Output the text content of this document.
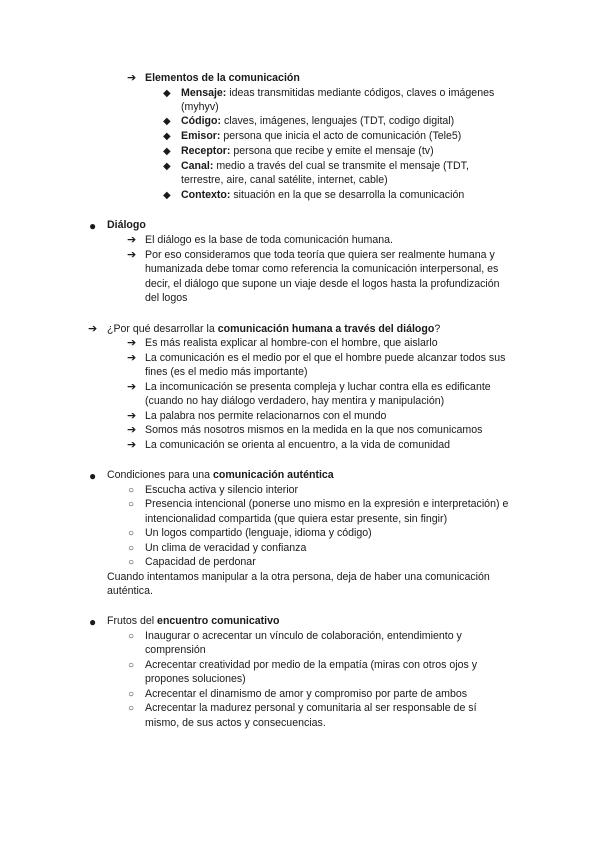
➔ Elementos de la comunicación
◆ Mensaje: ideas transmitidas mediante códigos, claves o imágenes
(myhyv)
◆ Código: claves, imágenes, lenguajes (TDT, codigo digital)
◆ Emisor: persona que inicia el acto de comunicación (Tele5)
◆ Receptor: persona que recibe y emite el mensaje (tv)
◆ Canal: medio a través del cual se transmite el mensaje (TDT,
terrestre, aire, canal satélite, internet, cable)
◆ Contexto: situación en la que se desarrolla la comunicación
● Diálogo
➔ El diálogo es la base de toda comunicación humana.
➔ Por eso consideramos que toda teoría que quiera ser realmente humana y
humanizada debe tomar como referencia la comunicación interpersonal, es
decir, el diálogo que supone un viaje desde el logos hasta la profundización
del logos
➔ ¿Por qué desarrollar la comunicación humana a través del diálogo?
➔ Es más realista explicar al hombre-con el hombre, que aislarlo
➔ La comunicación es el medio por el que el hombre puede alcanzar todos sus
fines (es el medio más importante)
➔ La incomunicación se presenta compleja y luchar contra ella es edificante
(cuando no hay diálogo verdadero, hay mentira y manipulación)
➔ La palabra nos permite relacionarnos con el mundo
➔ Somos más nosotros mismos en la medida en la que nos comunicamos
➔ La comunicación se orienta al encuentro, a la vida de comunidad
● Condiciones para una comunicación auténtica
○ Escucha activa y silencio interior
○ Presencia intencional (ponerse uno mismo en la expresión e interpretación) e
intencionalidad compartida (que quiera estar presente, sin fingir)
○ Un logos compartido (lenguaje, idioma y código)
○ Un clima de veracidad y confianza
○ Capacidad de perdonar
Cuando intentamos manipular a la otra persona, deja de haber una comunicación
auténtica.
● Frutos del encuentro comunicativo
○ Inaugurar o acrecentar un vínculo de colaboración, entendimiento y
comprensión
○ Acrecentar creatividad por medio de la empatía (miras con otros ojos y
propones soluciones)
○ Acrecentar el dinamismo de amor y compromiso por parte de ambos
○ Acrecentar la madurez personal y comunitaria al ser responsable de sí
mismo, de sus actos y consecuencias.
